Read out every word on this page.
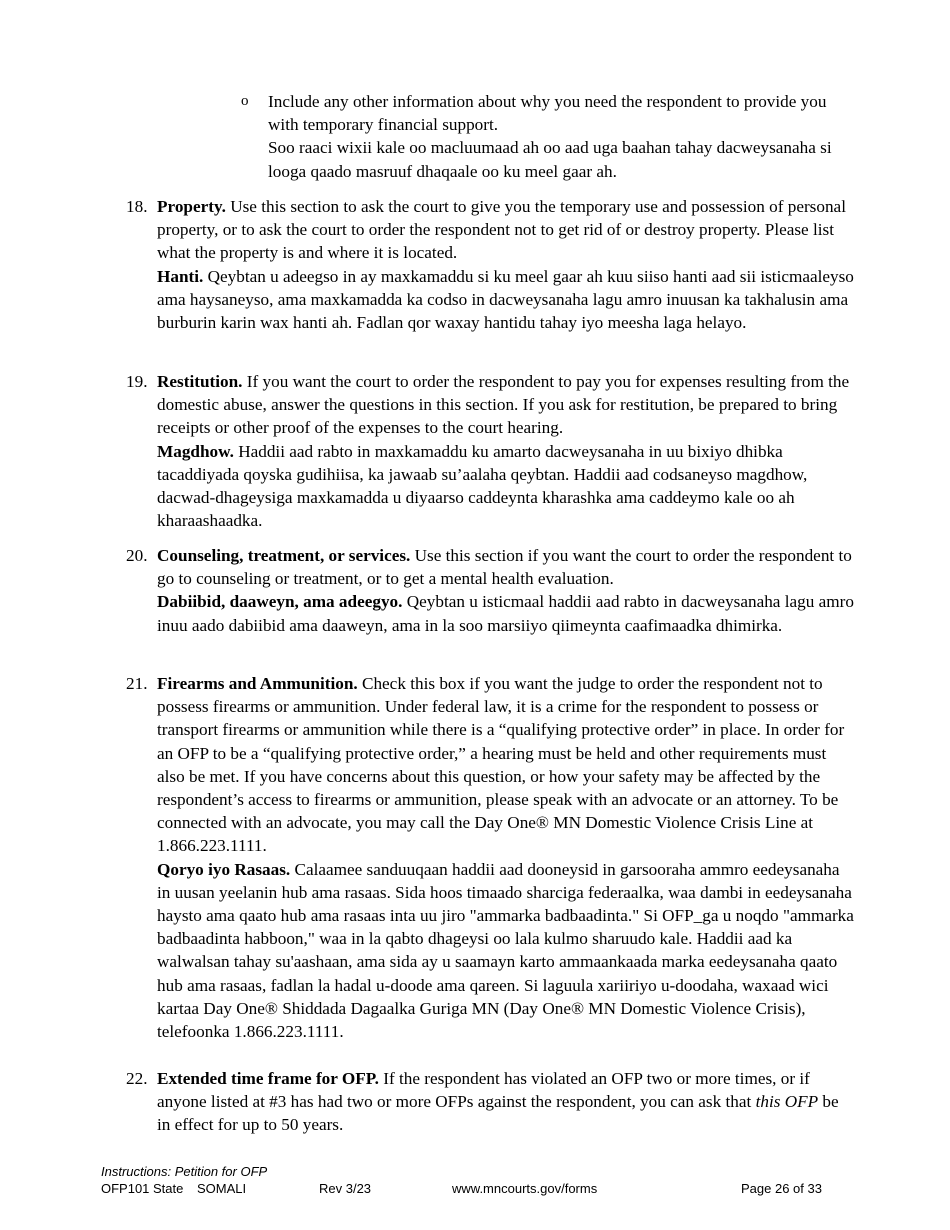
o Include any other information about why you need the respondent to provide you with temporary financial support.

Soo raaci wixii kale oo macluumaad ah oo aad uga baahan tahay dacweysanaha si looga qaado masruuf dhaqaale oo ku meel gaar ah.

18. Property. Use this section to ask the court to give you the temporary use and possession of personal property, or to ask the court to order the respondent not to get rid of or destroy property. Please list what the property is and where it is located.

Hanti. Qeybtan u adeegso in ay maxkamaddu si ku meel gaar ah kuu siiso hanti aad sii isticmaaleyso ama haysaneyso, ama maxkamadda ka codso in dacweysanaha lagu amro inuusan ka takhalusin ama burburin karin wax hanti ah. Fadlan qor waxay hantidu tahay iyo meesha laga helayo.

19. Restitution. If you want the court to order the respondent to pay you for expenses resulting from the domestic abuse, answer the questions in this section. If you ask for restitution, be prepared to bring receipts or other proof of the expenses to the court hearing.

Magdhow. Haddii aad rabto in maxkamaddu ku amarto dacweysanaha in uu bixiyo dhibka tacaddiyada qoyska gudihiisa, ka jawaab su’aalaha qeybtan. Haddii aad codsaneyso magdhow, dacwad-dhageysiga maxkamadda u diyaarso caddeynta kharashka ama caddeymo kale oo ah kharaashaadka.

20. Counseling, treatment, or services. Use this section if you want the court to order the respondent to go to counseling or treatment, or to get a mental health evaluation.

Dabiibid, daaweyn, ama adeegyo. Qeybtan u isticmaal haddii aad rabto in dacweysanaha lagu amro inuu aado dabiibid ama daaweyn, ama in la soo marsiiyo qiimeynta caafimaadka dhimirka.

21. Firearms and Ammunition. Check this box if you want the judge to order the respondent not to possess firearms or ammunition. Under federal law, it is a crime for the respondent to possess or transport firearms or ammunition while there is a “qualifying protective order” in place. In order for an OFP to be a “qualifying protective order,” a hearing must be held and other requirements must also be met. If you have concerns about this question, or how your safety may be affected by the respondent’s access to firearms or ammunition, please speak with an advocate or an attorney. To be connected with an advocate, you may call the Day One® MN Domestic Violence Crisis Line at 1.866.223.1111.

Qoryo iyo Rasaas. Calaamee sanduuqaan haddii aad dooneysid in garsooraha ammro eedeysanaha in uusan yeelanin hub ama rasaas. Sida hoos timaado sharciga federaalka, waa dambi in eedeysanaha haysto ama qaato hub ama rasaas inta uu jiro "ammarka badbaadinta." Si OFP_ga u noqdo "ammarka badbaadinta habboon," waa in la qabto dhageysi oo lala kulmo sharuudo kale. Haddii aad ka walwalsan tahay su'aashaan, ama sida ay u saamayn karto ammaankaada marka eedeysanaha qaato hub ama rasaas, fadlan la hadal u-doode ama qareen. Si laguula xariiriyo u-doodaha, waxaad wici kartaa Day One® Shiddada Dagaalka Guriga MN (Day One® MN Domestic Violence Crisis), telefoonka 1.866.223.1111.

22. Extended time frame for OFP. If the respondent has violated an OFP two or more times, or if anyone listed at #3 has had two or more OFPs against the respondent, you can ask that this OFP be in effect for up to 50 years.

Instructions: Petition for OFP
OFP101 State SOMALI	Rev 3/23	www.mncourts.gov/forms	Page 26 of 33
